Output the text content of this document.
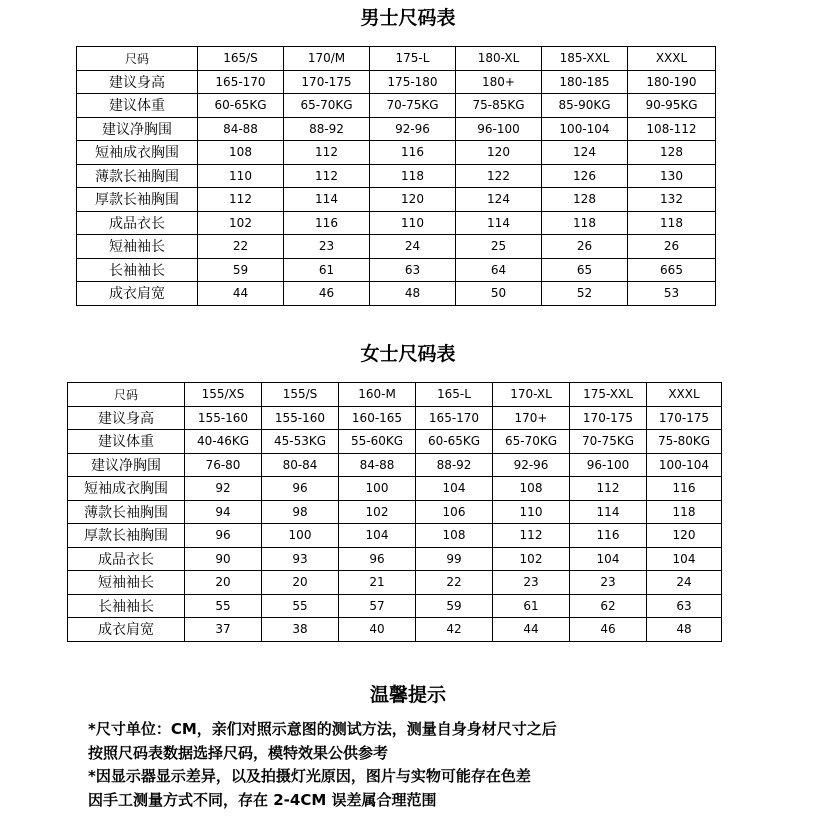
男士尺码表
尺码	165/S	170/M	175-L	180-XL	185-XXL	XXXL
建议身高	165-170	170-175	175-180	180+	180-185	180-190
建议体重	60-65KG	65-70KG	70-75KG	75-85KG	85-90KG	90-95KG
建议净胸围	84-88	88-92	92-96	96-100	100-104	108-112
短袖成衣胸围	108	112	116	120	124	128
薄款长袖胸围	110	112	118	122	126	130
厚款长袖胸围	112	114	120	124	128	132
成品衣长	102	116	110	114	118	118
短袖袖长	22	23	24	25	26	26
长袖袖长	59	61	63	64	65	665
成衣肩宽	44	46	48	50	52	53
女士尺码表
尺码	155/XS	155/S	160-M	165-L	170-XL	175-XXL	XXXL
建议身高	155-160	155-160	160-165	165-170	170+	170-175	170-175
建议体重	40-46KG	45-53KG	55-60KG	60-65KG	65-70KG	70-75KG	75-80KG
建议净胸围	76-80	80-84	84-88	88-92	92-96	96-100	100-104
短袖成衣胸围	92	96	100	104	108	112	116
薄款长袖胸围	94	98	102	106	110	114	118
厚款长袖胸围	96	100	104	108	112	116	120
成品衣长	90	93	96	99	102	104	104
短袖袖长	20	20	21	22	23	23	24
长袖袖长	55	55	57	59	61	62	63
成衣肩宽	37	38	40	42	44	46	48
温馨提示

*尺寸单位：CM，亲们对照示意图的测试方法，测量自身身材尺寸之后

按照尺码表数据选择尺码，模特效果公供参考

*因显示器显示差异，以及拍摄灯光原因，图片与实物可能存在色差

因手工测量方式不同，存在 2-4CM 误差属合理范围
